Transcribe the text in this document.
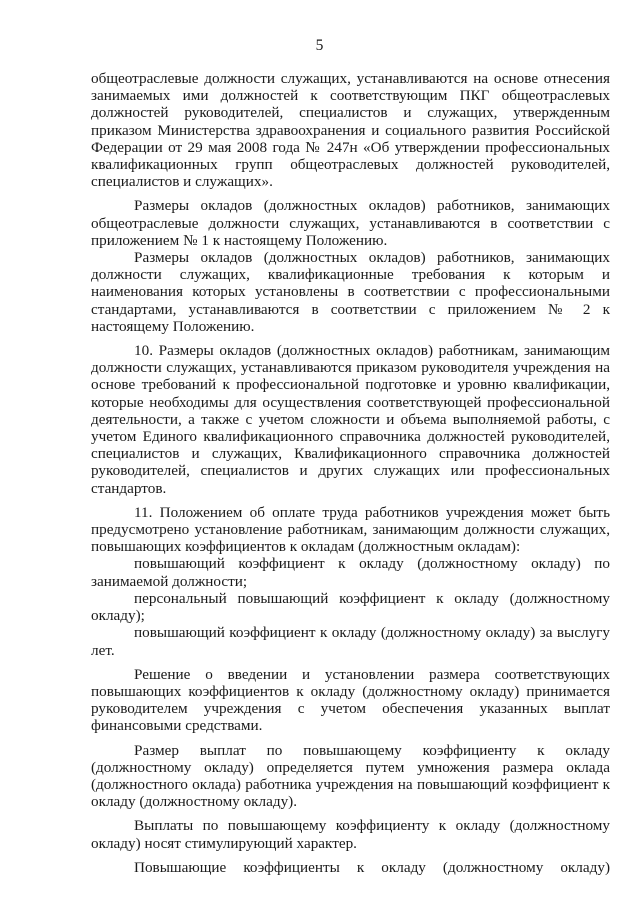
5

общеотраслевые должности служащих, устанавливаются на основе отнесения занимаемых ими должностей к соответствующим ПКГ общеотраслевых должностей руководителей, специалистов и служащих, утвержденным приказом Министерства здравоохранения и социального развития Российской Федерации от 29 мая 2008 года № 247н «Об утверждении профессиональных квалификационных групп общеотраслевых должностей руководителей, специалистов и служащих».

Размеры окладов (должностных окладов) работников, занимающих общеотраслевые должности служащих, устанавливаются в соответствии с приложением № 1 к настоящему Положению.

Размеры окладов (должностных окладов) работников, занимающих должности служащих, квалификационные требования к которым и наименования которых установлены в соответствии с профессиональными стандартами, устанавливаются в соответствии с приложением № 2 к настоящему Положению.

10. Размеры окладов (должностных окладов) работникам, занимающим должности служащих, устанавливаются приказом руководителя учреждения на основе требований к профессиональной подготовке и уровню квалификации, которые необходимы для осуществления соответствующей профессиональной деятельности, а также с учетом сложности и объема выполняемой работы, с учетом Единого квалификационного справочника должностей руководителей, специалистов и служащих, Квалификационного справочника должностей руководителей, специалистов и других служащих или профессиональных стандартов.

11. Положением об оплате труда работников учреждения может быть предусмотрено установление работникам, занимающим должности служащих, повышающих коэффициентов к окладам (должностным окладам):

повышающий коэффициент к окладу (должностному окладу) по занимаемой должности;

персональный повышающий коэффициент к окладу (должностному окладу);

повышающий коэффициент к окладу (должностному окладу) за выслугу лет.

Решение о введении и установлении размера соответствующих повышающих коэффициентов к окладу (должностному окладу) принимается руководителем учреждения с учетом обеспечения указанных выплат финансовыми средствами.

Размер выплат по повышающему коэффициенту к окладу (должностному окладу) определяется путем умножения размера оклада (должностного оклада) работника учреждения на повышающий коэффициент к окладу (должностному окладу).

Выплаты по повышающему коэффициенту к окладу (должностному окладу) носят стимулирующий характер.

Повышающие коэффициенты к окладу (должностному окладу)
